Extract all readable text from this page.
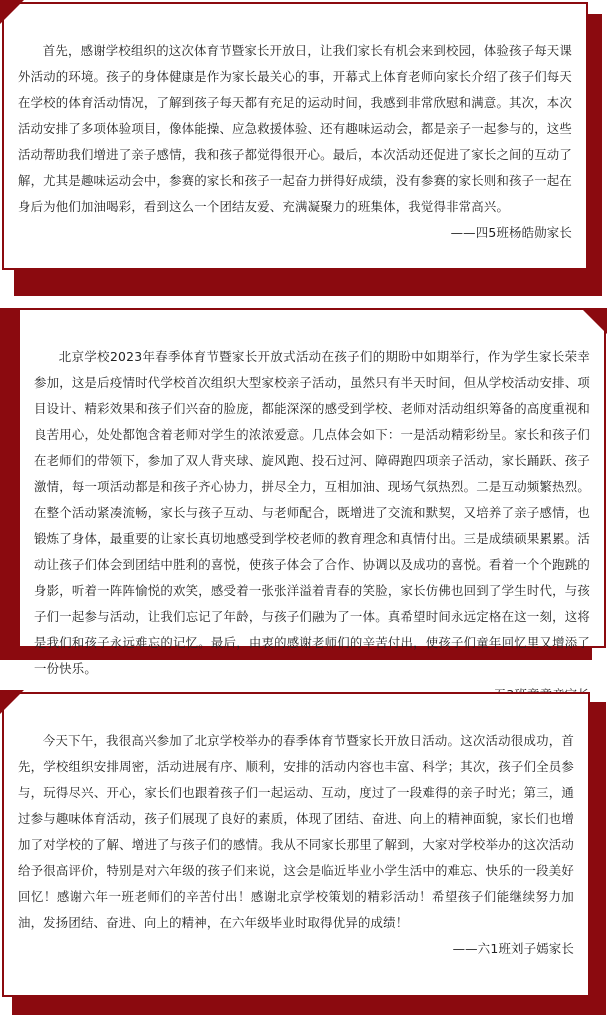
首先，感谢学校组织的这次体育节暨家长开放日，让我们家长有机会来到校园，体验孩子每天课外活动的环境。孩子的身体健康是作为家长最关心的事，开幕式上体育老师向家长介绍了孩子们每天在学校的体育活动情况，了解到孩子每天都有充足的运动时间，我感到非常欣慰和满意。其次，本次活动安排了多项体验项目，像体能操、应急救援体验、还有趣味运动会，都是亲子一起参与的，这些活动帮助我们增进了亲子感情，我和孩子都觉得很开心。最后，本次活动还促进了家长之间的互动了解，尤其是趣味运动会中，参赛的家长和孩子一起奋力拼得好成绩，没有参赛的家长则和孩子一起在身后为他们加油喝彩，看到这么一个团结友爱、充满凝聚力的班集体，我觉得非常高兴。

——四5班杨皓勋家长

北京学校2023年春季体育节暨家长开放式活动在孩子们的期盼中如期举行，作为学生家长荣幸参加，这是后疫情时代学校首次组织大型家校亲子活动，虽然只有半天时间，但从学校活动安排、项目设计、精彩效果和孩子们兴奋的脸庞，都能深深的感受到学校、老师对活动组织筹备的高度重视和良苦用心，处处都饱含着老师对学生的浓浓爱意。几点体会如下：一是活动精彩纷呈。家长和孩子们在老师们的带领下，参加了双人背夹球、旋风跑、投石过河、障碍跑四项亲子活动，家长踊跃、孩子激情，每一项活动都是和孩子齐心协力，拼尽全力，互相加油、现场气氛热烈。二是互动频繁热烈。在整个活动紧凑流畅，家长与孩子互动、与老师配合，既增进了交流和默契，又培养了亲子感情，也锻炼了身体，最重要的让家长真切地感受到学校老师的教育理念和真情付出。三是成绩硕果累累。活动让孩子们体会到团结中胜利的喜悦，使孩子体会了合作、协调以及成功的喜悦。看着一个个跑跳的身影，听着一阵阵愉悦的欢笑，感受着一张张洋溢着青春的笑脸，家长仿佛也回到了学生时代，与孩子们一起参与活动，让我们忘记了年龄，与孩子们融为了一体。真希望时间永远定格在这一刻，这将是我们和孩子永远难忘的记忆。最后，由衷的感谢老师们的辛苦付出，使孩子们童年回忆里又增添了一份快乐。

今天下午，我很高兴参加了北京学校举办的春季体育节暨家长开放日活动。这次活动很成功，首先，学校组织安排周密，活动进展有序、顺利，安排的活动内容也丰富、科学；其次，孩子们全员参与，玩得尽兴、开心，家长们也跟着孩子们一起运动、互动，度过了一段难得的亲子时光；第三，通过参与趣味体育活动，孩子们展现了良好的素质，体现了团结、奋进、向上的精神面貌，家长们也增加了对学校的了解、增进了与孩子们的感情。我从不同家长那里了解到，大家对学校举办的这次活动给予很高评价，特别是对六年级的孩子们来说，这会是临近毕业小学生活中的难忘、快乐的一段美好回忆！感谢六年一班老师们的辛苦付出！感谢北京学校策划的精彩活动！希望孩子们能继续努力加油，发扬团结、奋进、向上的精神，在六年级毕业时取得优异的成绩！

——六1班刘子嫣家长
